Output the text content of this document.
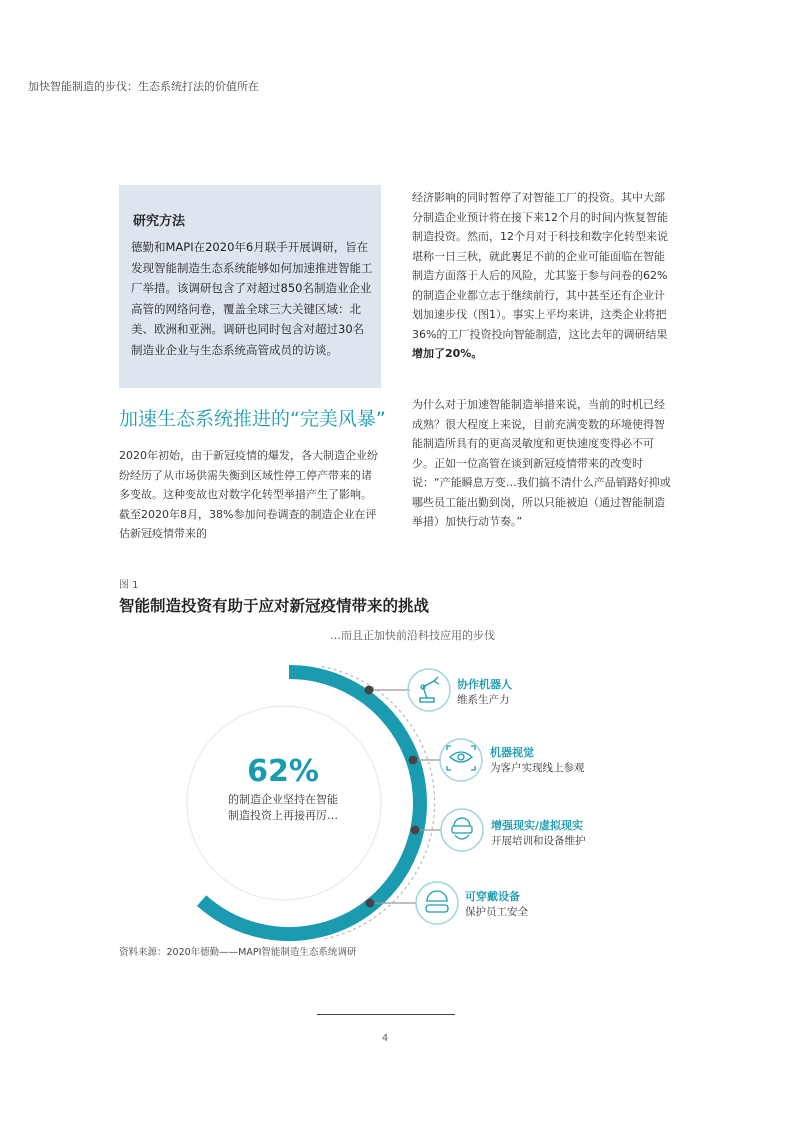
加快智能制造的步伐：生态系统打法的价值所在
研究方法
德勤和MAPI在2020年6月联手开展调研，旨在发现智能制造生态系统能够如何加速推进智能工厂举措。该调研包含了对超过850名制造业企业高管的网络问卷，覆盖全球三大关键区域：北美、欧洲和亚洲。调研也同时包含对超过30名制造业企业与生态系统高管成员的访谈。
加速生态系统推进的“完美风暴”
2020年初始，由于新冠疫情的爆发，各大制造企业纷纷经历了从市场供需失衡到区域性停工停产带来的诸多变故。这种变故也对数字化转型举措产生了影响。截至2020年8月，38%参加问卷调查的制造企业在评估新冠疫情带来的
经济影响的同时暂停了对智能工厂的投资。其中大部分制造企业预计将在接下来12个月的时间内恢复智能制造投资。然而，12个月对于科技和数字化转型来说堪称一日三秋，就此裹足不前的企业可能面临在智能制造方面落于人后的风险，尤其鉴于参与问卷的62%的制造企业都立志于继续前行，其中甚至还有企业计划加速步伐（图1）。事实上平均来讲，这类企业将把36%的工厂投资投向智能制造，这比去年的调研结果增加了20%。
为什么对于加速智能制造举措来说，当前的时机已经成熟？很大程度上来说，目前充满变数的环境使得智能制造所具有的更高灵敏度和更快速度变得必不可少。正如一位高管在谈到新冠疫情带来的改变时说：“产能瞬息万变…我们搞不清什么产品销路好抑或哪些员工能出勤到岗，所以只能被迫（通过智能制造举措）加快行动节奏。”
图 1
智能制造投资有助于应对新冠疫情带来的挑战
…而且正加快前沿科技应用的步伐
62%
的制造企业坚持在智能制造投资上再接再厉…
协作机器人
维系生产力
机器视觉
为客户实现线上参观
增强现实/虚拟现实
开展培训和设备维护
可穿戴设备
保护员工安全
资料来源：2020年德勤——MAPI智能制造生态系统调研
4
